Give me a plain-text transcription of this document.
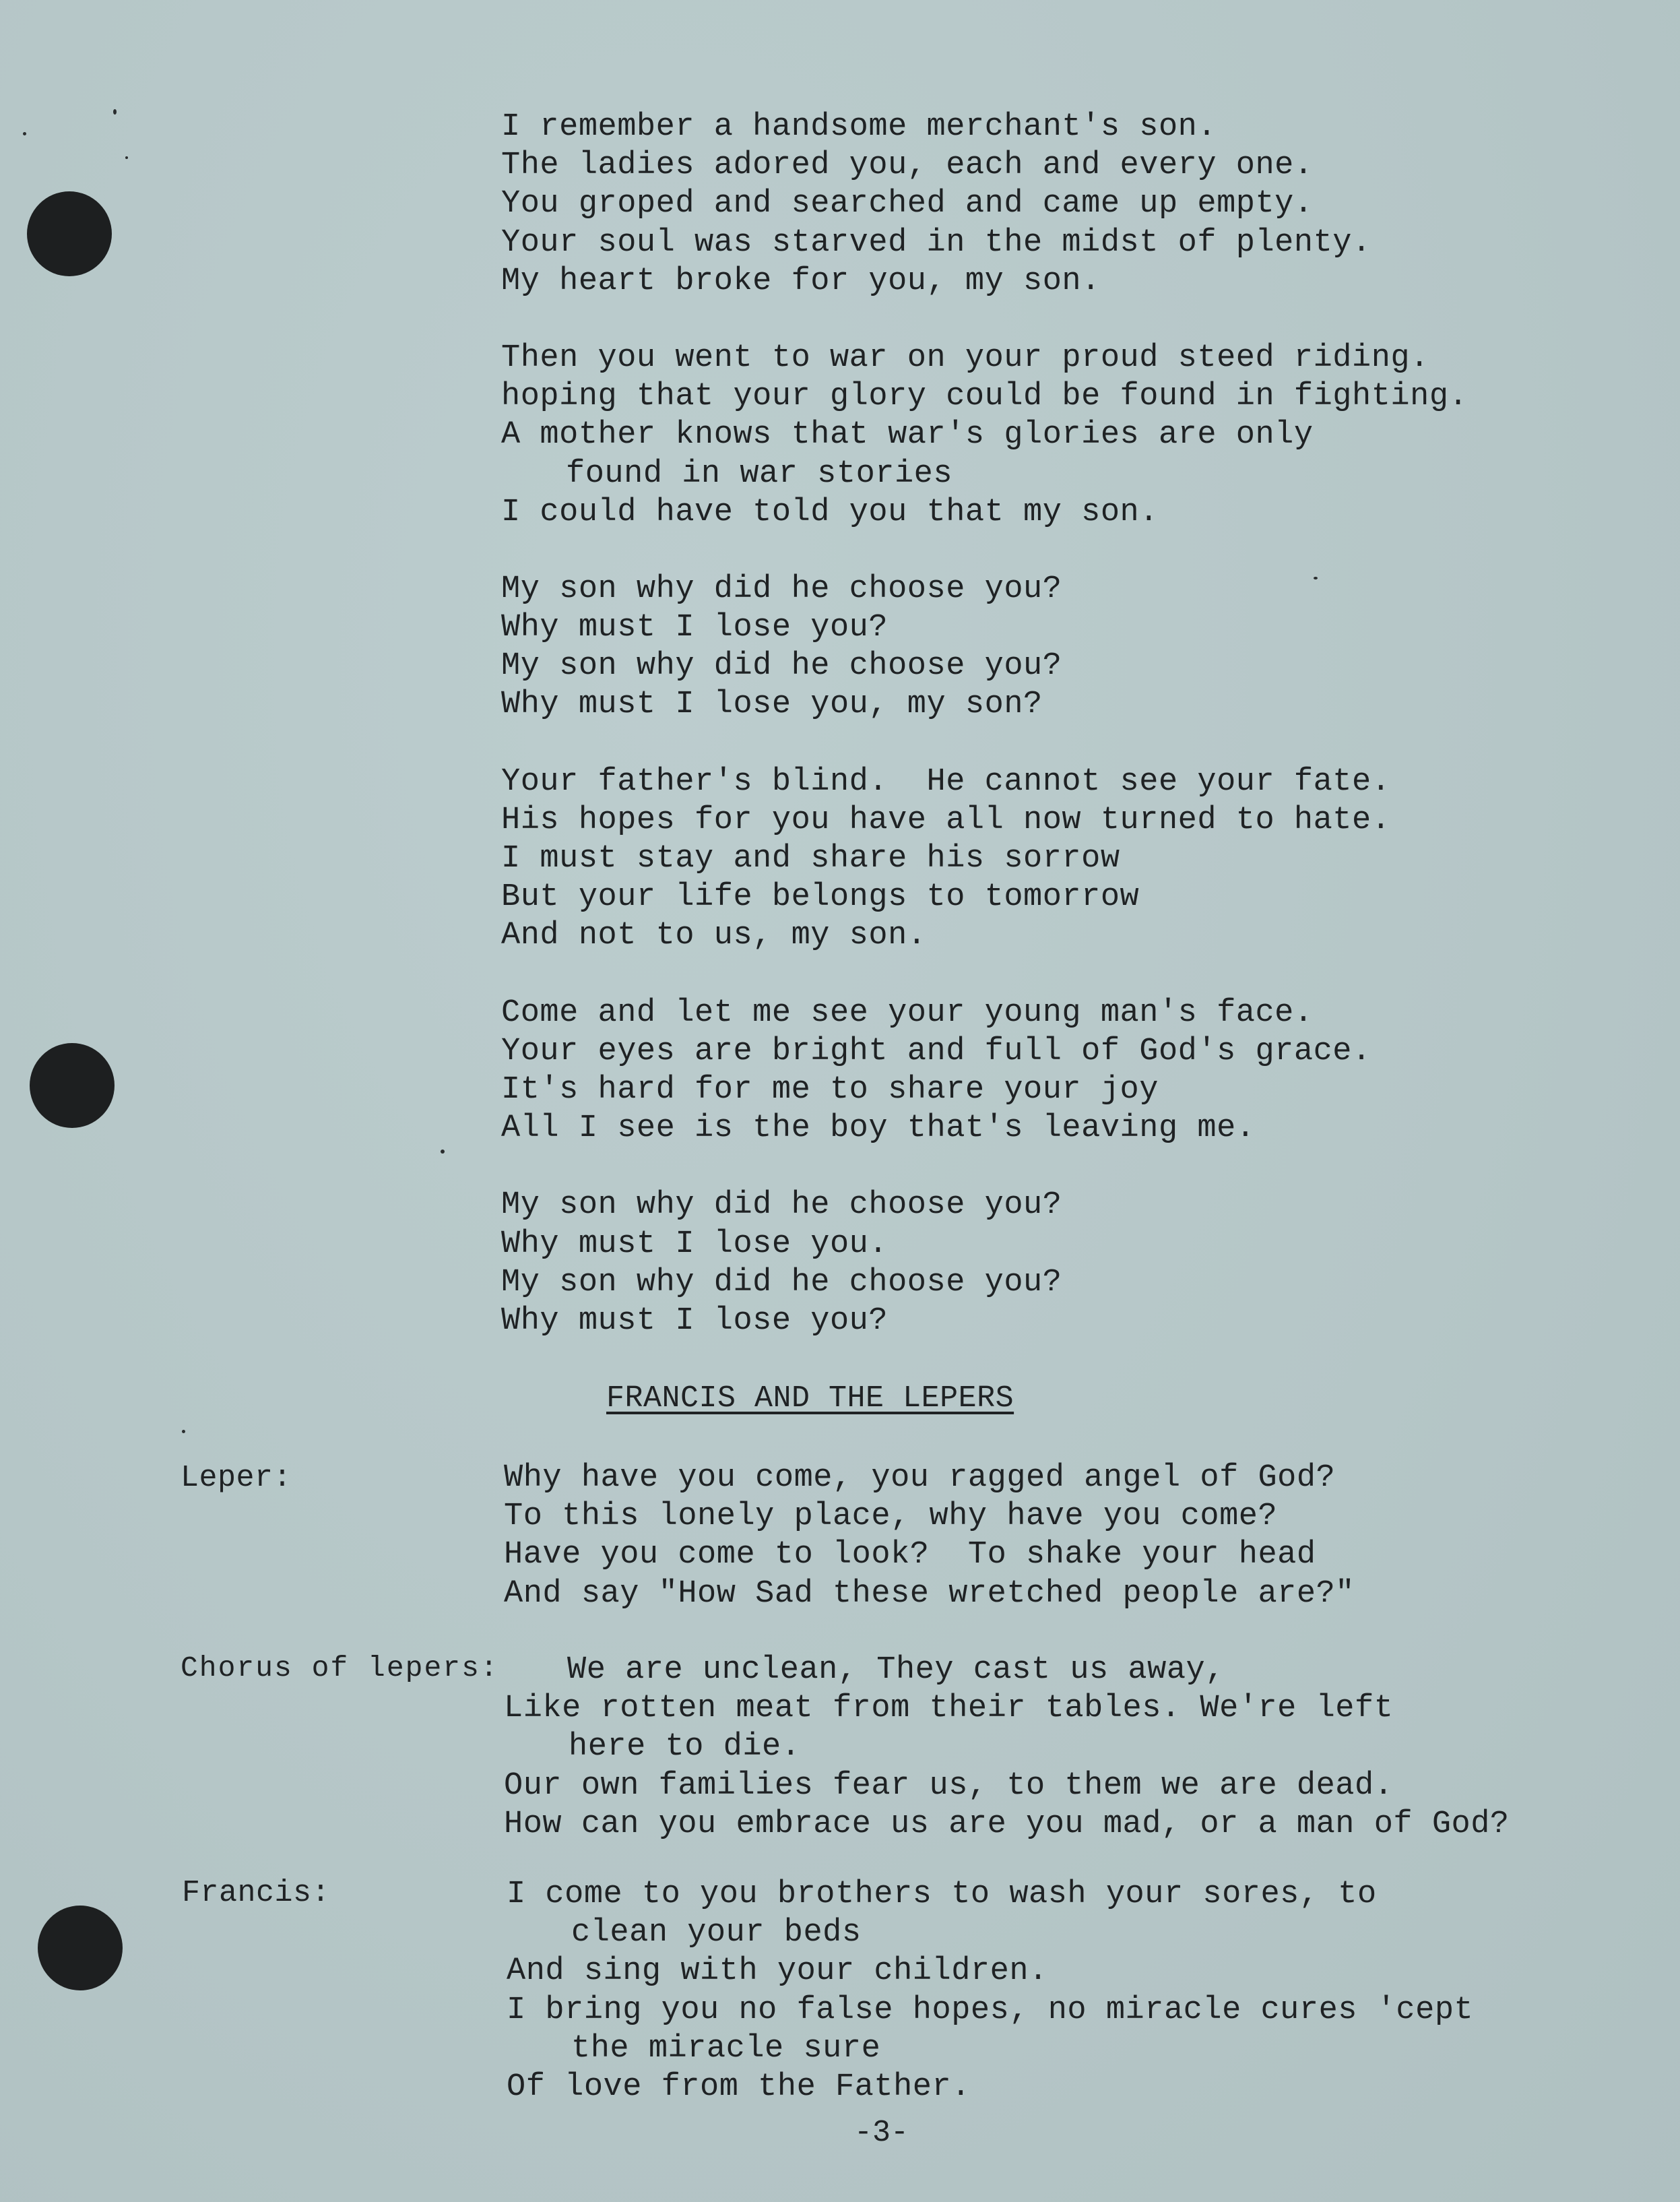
I remember a handsome merchant's son.
The ladies adored you, each and every one.
You groped and searched and came up empty.
Your soul was starved in the midst of plenty.
My heart broke for you, my son.
Then you went to war on your proud steed riding.
hoping that your glory could be found in fighting.
A mother knows that war's glories are only
found in war stories
I could have told you that my son.
My son why did he choose you?
Why must I lose you?
My son why did he choose you?
Why must I lose you, my son?
Your father's blind.  He cannot see your fate.
His hopes for you have all now turned to hate.
I must stay and share his sorrow
But your life belongs to tomorrow
And not to us, my son.
Come and let me see your young man's face.
Your eyes are bright and full of God's grace.
It's hard for me to share your joy
All I see is the boy that's leaving me.
My son why did he choose you?
Why must I lose you.
My son why did he choose you?
Why must I lose you?
FRANCIS AND THE LEPERS
Leper:	Why have you come, you ragged angel of God?
To this lonely place, why have you come?
Have you come to look?  To shake your head
And say "How Sad these wretched people are?"
Chorus of lepers: We are unclean, They cast us away,
Like rotten meat from their tables. We're left
here to die.
Our own families fear us, to them we are dead.
How can you embrace us are you mad, or a man of God?
Francis:	I come to you brothers to wash your sores, to
clean your beds
And sing with your children.
I bring you no false hopes, no miracle cures 'cept
the miracle sure
Of love from the Father.
-3-
